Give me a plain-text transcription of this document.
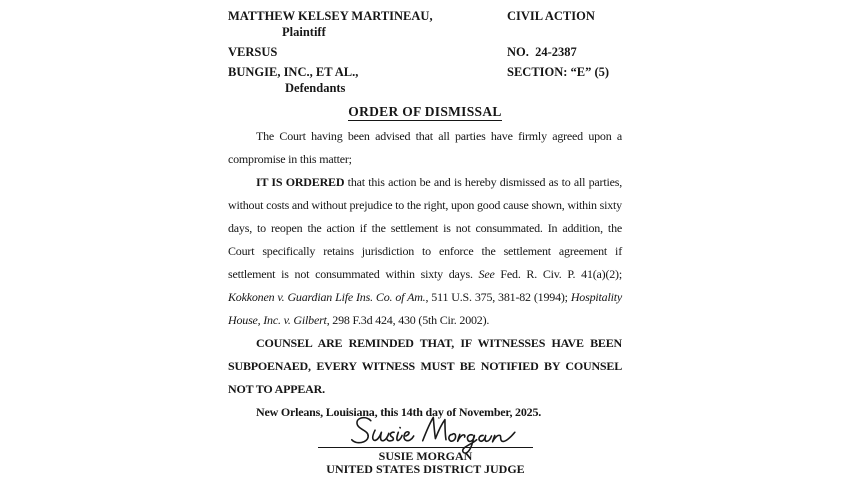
MATTHEW KELSEY MARTINEAU,
Plaintiff
CIVIL ACTION
VERSUS	NO.  24-2387
BUNGIE, INC., ET AL.,
Defendants
SECTION: “E” (5)
ORDER OF DISMISSAL

The Court having been advised that all parties have firmly agreed upon a compromise in this matter;

IT IS ORDERED that this action be and is hereby dismissed as to all parties, without costs and without prejudice to the right, upon good cause shown, within sixty days, to reopen the action if the settlement is not consummated. In addition, the Court specifically retains jurisdiction to enforce the settlement agreement if settlement is not consummated within sixty days. See Fed. R. Civ. P. 41(a)(2); Kokkonen v. Guardian Life Ins. Co. of Am., 511 U.S. 375, 381-82 (1994); Hospitality House, Inc. v. Gilbert, 298 F.3d 424, 430 (5th Cir. 2002).

COUNSEL ARE REMINDED THAT, IF WITNESSES HAVE BEEN SUBPOENAED, EVERY WITNESS MUST BE NOTIFIED BY COUNSEL NOT TO APPEAR.

New Orleans, Louisiana, this 14th day of November, 2025.

SUSIE MORGAN
UNITED STATES DISTRICT JUDGE
